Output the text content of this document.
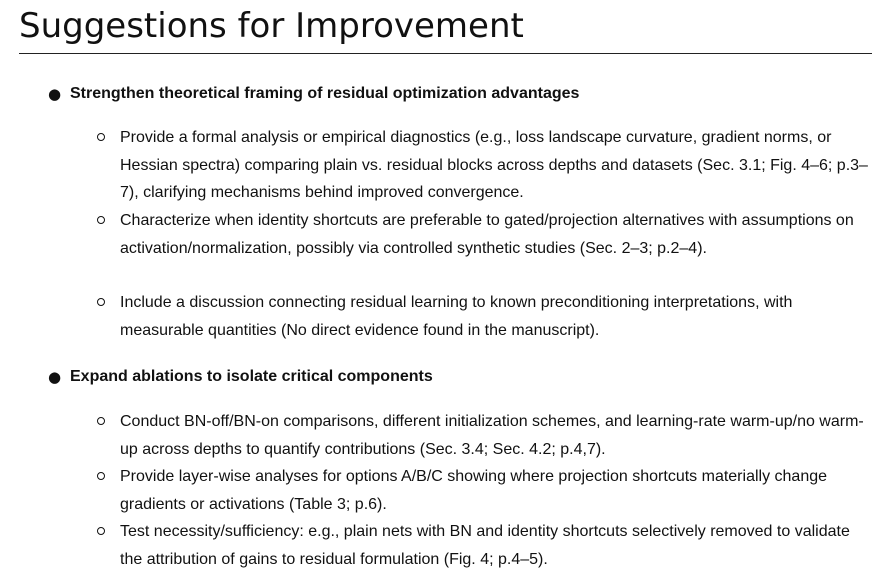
Suggestions for Improvement
● Strengthen theoretical framing of residual optimization advantages
Provide a formal analysis or empirical diagnostics (e.g., loss landscape curvature, gradient norms, or Hessian spectra) comparing plain vs. residual blocks across depths and datasets (Sec. 3.1; Fig. 4–6; p.3–7), clarifying mechanisms behind improved convergence.
Characterize when identity shortcuts are preferable to gated/projection alternatives with assumptions on activation/normalization, possibly via controlled synthetic studies (Sec. 2–3; p.2–4).
Include a discussion connecting residual learning to known preconditioning interpretations, with measurable quantities (No direct evidence found in the manuscript).
● Expand ablations to isolate critical components
Conduct BN-off/BN-on comparisons, different initialization schemes, and learning-rate warm-up/no warm-up across depths to quantify contributions (Sec. 3.4; Sec. 4.2; p.4,7).
Provide layer-wise analyses for options A/B/C showing where projection shortcuts materially change gradients or activations (Table 3; p.6).
Test necessity/sufficiency: e.g., plain nets with BN and identity shortcuts selectively removed to validate the attribution of gains to residual formulation (Fig. 4; p.4–5).
